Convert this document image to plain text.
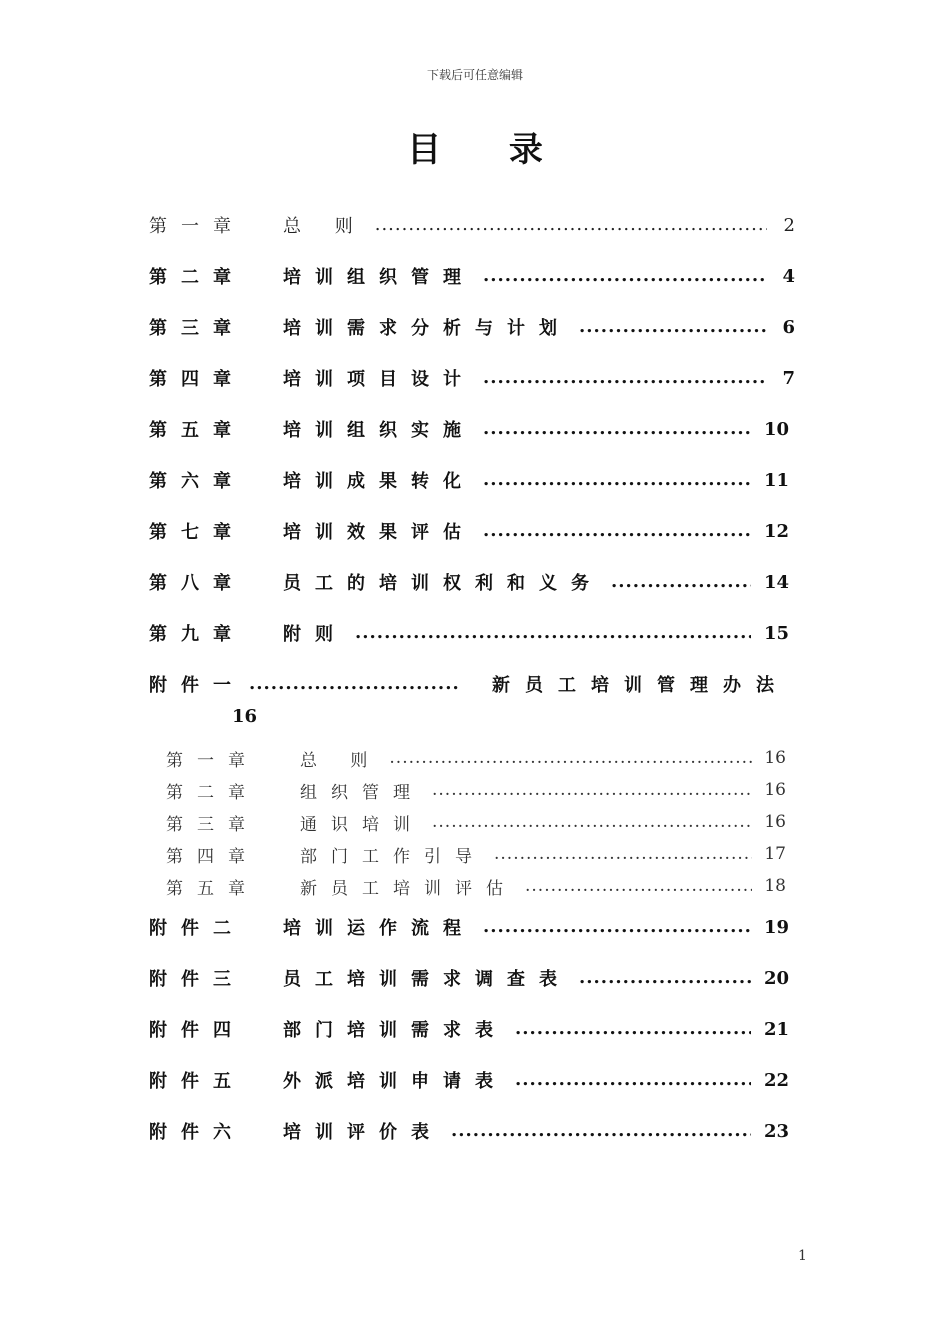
下载后可任意编辑
目 录
第一章	总 则 .....	2
第二章	培训组织管理 .....	4
第三章	培训需求分析与计划 .....	6
第四章	培训项目设计 .....	7
第五章	培训组织实施 .....	10
第六章	培训成果转化 .....	11
第七章	培训效果评估 .....	12
第八章	员工的培训权利和义务 .....	14
第九章	附则 .....	15
附件一 .....	新员工培训管理办法
16
第一章	总 则 .....	16
第二章	组织管理 .....	16
第三章	通识培训 .....	16
第四章	部门工作引导 .....	17
第五章	新员工培训评估 .....	18
附件二	培训运作流程 .....	19
附件三	员工培训需求调查表 .....	20
附件四	部门培训需求表 .....	21
附件五	外派培训申请表 .....	22
附件六	培训评价表 .....	23
1
